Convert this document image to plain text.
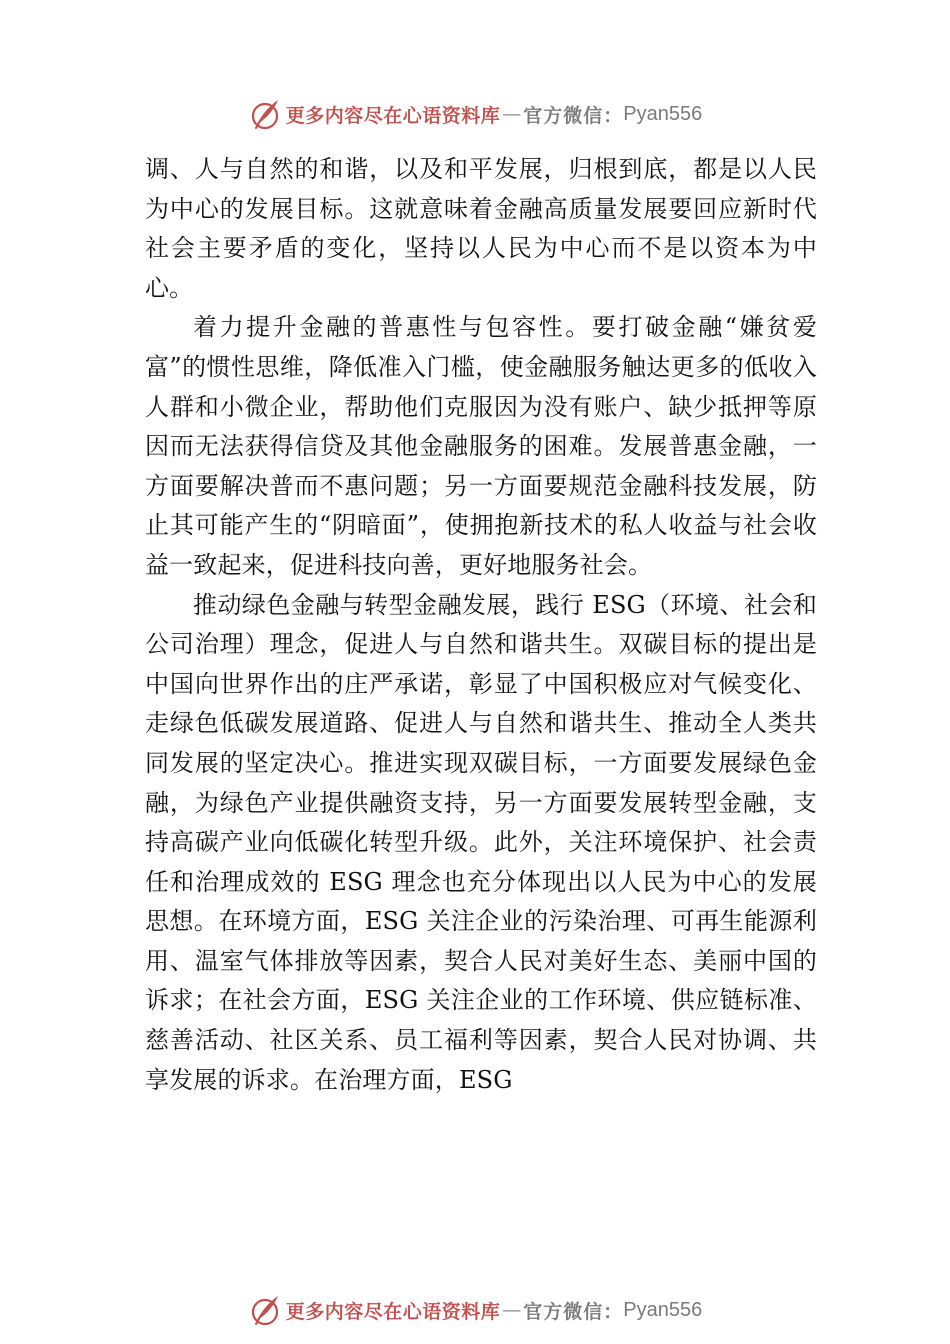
更多内容尽在心语资料库 — 官方微信： Pyan556

调、人与自然的和谐，以及和平发展，归根到底，都是以人民为中心的发展目标。这就意味着金融高质量发展要回应新时代社会主要矛盾的变化，坚持以人民为中心而不是以资本为中心。

着力提升金融的普惠性与包容性。要打破金融“嫌贫爱富”的惯性思维，降低准入门槛，使金融服务触达更多的低收入人群和小微企业，帮助他们克服因为没有账户、缺少抵押等原因而无法获得信贷及其他金融服务的困难。发展普惠金融，一方面要解决普而不惠问题；另一方面要规范金融科技发展，防止其可能产生的“阴暗面”，使拥抱新技术的私人收益与社会收益一致起来，促进科技向善，更好地服务社会。

推动绿色金融与转型金融发展，践行 ESG（环境、社会和公司治理）理念，促进人与自然和谐共生。双碳目标的提出是中国向世界作出的庄严承诺，彰显了中国积极应对气候变化、走绿色低碳发展道路、促进人与自然和谐共生、推动全人类共同发展的坚定决心。推进实现双碳目标，一方面要发展绿色金融，为绿色产业提供融资支持，另一方面要发展转型金融，支持高碳产业向低碳化转型升级。此外，关注环境保护、社会责任和治理成效的 ESG 理念也充分体现出以人民为中心的发展思想。在环境方面，ESG 关注企业的污染治理、可再生能源利用、温室气体排放等因素，契合人民对美好生态、美丽中国的诉求；在社会方面，ESG 关注企业的工作环境、供应链标准、慈善活动、社区关系、员工福利等因素，契合人民对协调、共享发展的诉求。在治理方面，ESG

更多内容尽在心语资料库 — 官方微信： Pyan556
